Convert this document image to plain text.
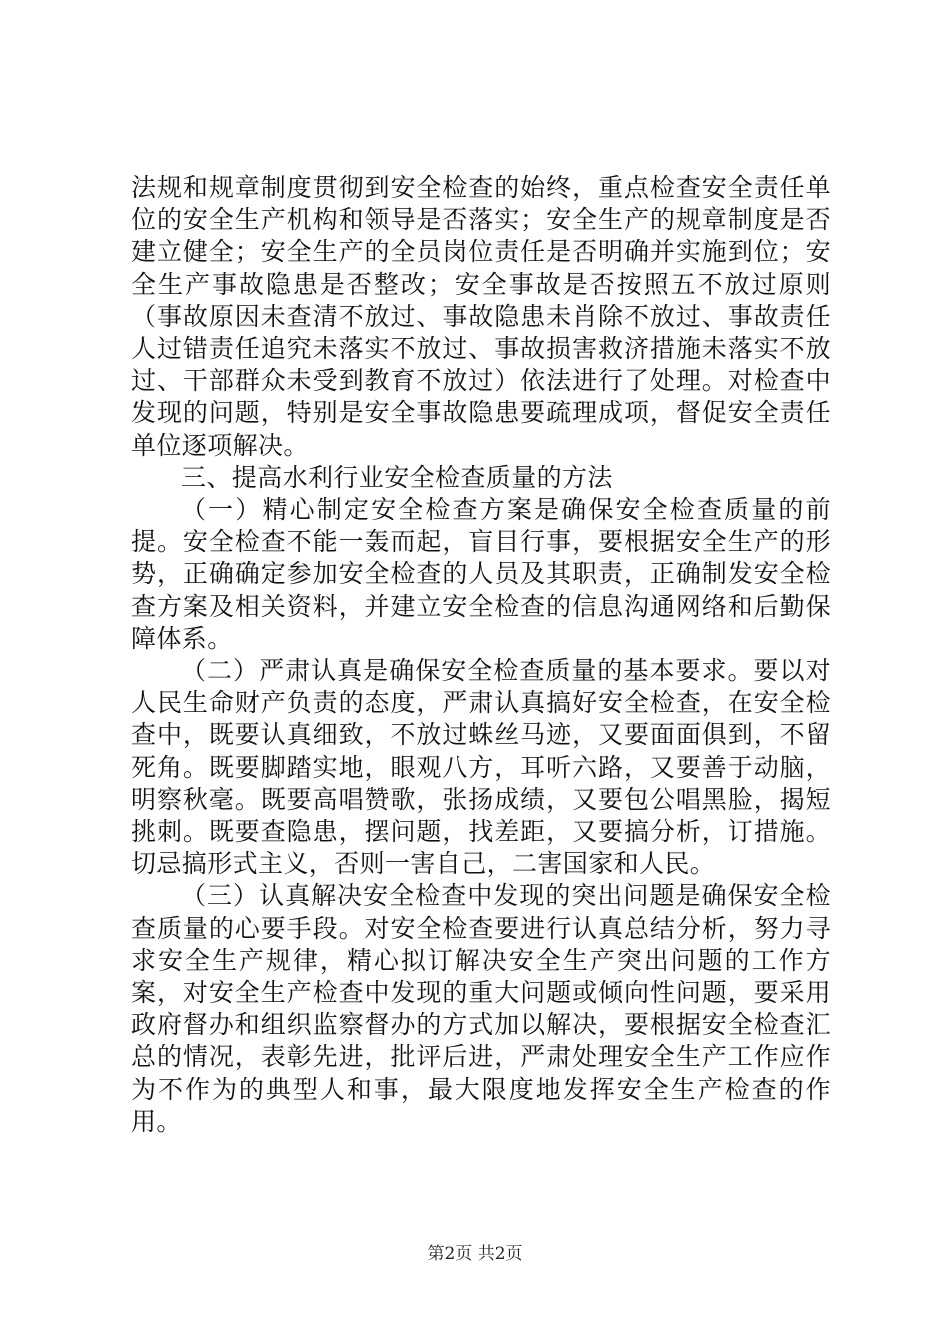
法规和规章制度贯彻到安全检查的始终，重点检查安全责任单位的安全生产机构和领导是否落实；安全生产的规章制度是否建立健全；安全生产的全员岗位责任是否明确并实施到位；安全生产事故隐患是否整改；安全事故是否按照五不放过原则（事故原因未查清不放过、事故隐患未肖除不放过、事故责任人过错责任追究未落实不放过、事故损害救济措施未落实不放过、干部群众未受到教育不放过）依法进行了处理。对检查中发现的问题，特别是安全事故隐患要疏理成项，督促安全责任单位逐项解决。

三、提高水利行业安全检查质量的方法

（一）精心制定安全检查方案是确保安全检查质量的前提。安全检查不能一轰而起，盲目行事，要根据安全生产的形势，正确确定参加安全检查的人员及其职责，正确制发安全检查方案及相关资料，并建立安全检查的信息沟通网络和后勤保障体系。

（二）严肃认真是确保安全检查质量的基本要求。要以对人民生命财产负责的态度，严肃认真搞好安全检查，在安全检查中，既要认真细致，不放过蛛丝马迹，又要面面俱到，不留死角。既要脚踏实地，眼观八方，耳听六路，又要善于动脑，明察秋毫。既要高唱赞歌，张扬成绩，又要包公唱黑脸，揭短挑刺。既要查隐患，摆问题，找差距，又要搞分析，订措施。切忌搞形式主义，否则一害自己，二害国家和人民。

（三）认真解决安全检查中发现的突出问题是确保安全检查质量的心要手段。对安全检查要进行认真总结分析，努力寻求安全生产规律，精心拟订解决安全生产突出问题的工作方案，对安全生产检查中发现的重大问题或倾向性问题，要采用政府督办和组织监察督办的方式加以解决，要根据安全检查汇总的情况，表彰先进，批评后进，严肃处理安全生产工作应作为不作为的典型人和事，最大限度地发挥安全生产检查的作用。

第2页 共2页
